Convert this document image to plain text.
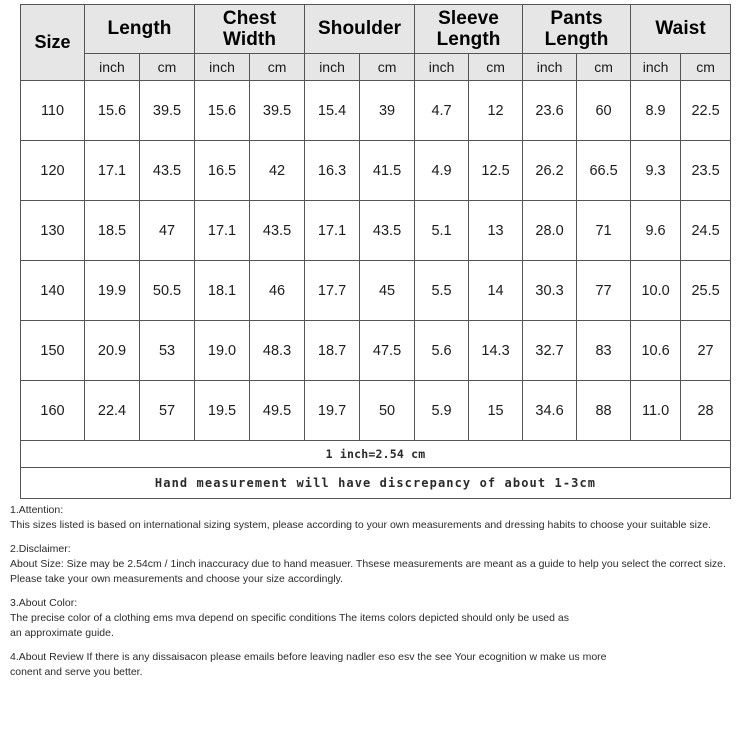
Size	Length		Chest Width		Shoulder		Sleeve Length		Pants Length		Waist	
	inch	cm	inch	cm	inch	cm	inch	cm	inch	cm	inch	cm
110	15.6	39.5	15.6	39.5	15.4	39	4.7	12	23.6	60	8.9	22.5
120	17.1	43.5	16.5	42	16.3	41.5	4.9	12.5	26.2	66.5	9.3	23.5
130	18.5	47	17.1	43.5	17.1	43.5	5.1	13	28.0	71	9.6	24.5
140	19.9	50.5	18.1	46	17.7	45	5.5	14	30.3	77	10.0	25.5
150	20.9	53	19.0	48.3	18.7	47.5	5.6	14.3	32.7	83	10.6	27
160	22.4	57	19.5	49.5	19.7	50	5.9	15	34.6	88	11.0	28
1 inch=2.54 cm												
Hand measurement will have discrepancy of about 1-3cm												

1.Attention:

This sizes listed is based on international sizing system, please according to your own measurements and dressing habits to choose your suitable size.

2.Disclaimer:

About Size: Size may be 2.54cm / 1inch inaccuracy due to hand measuer. Thsese measurements are meant as a guide to help you select the correct size.

Please take your own measurements and choose your size accordingly.

3.About Color:

The precise color of a clothing ems mva depend on specific conditions The items colors depicted should only be used as

an approximate guide.

4.About Review If there is any dissaisacon please emails before leaving nadler eso esv the see Your ecognition w make us more

conent and serve you better.
